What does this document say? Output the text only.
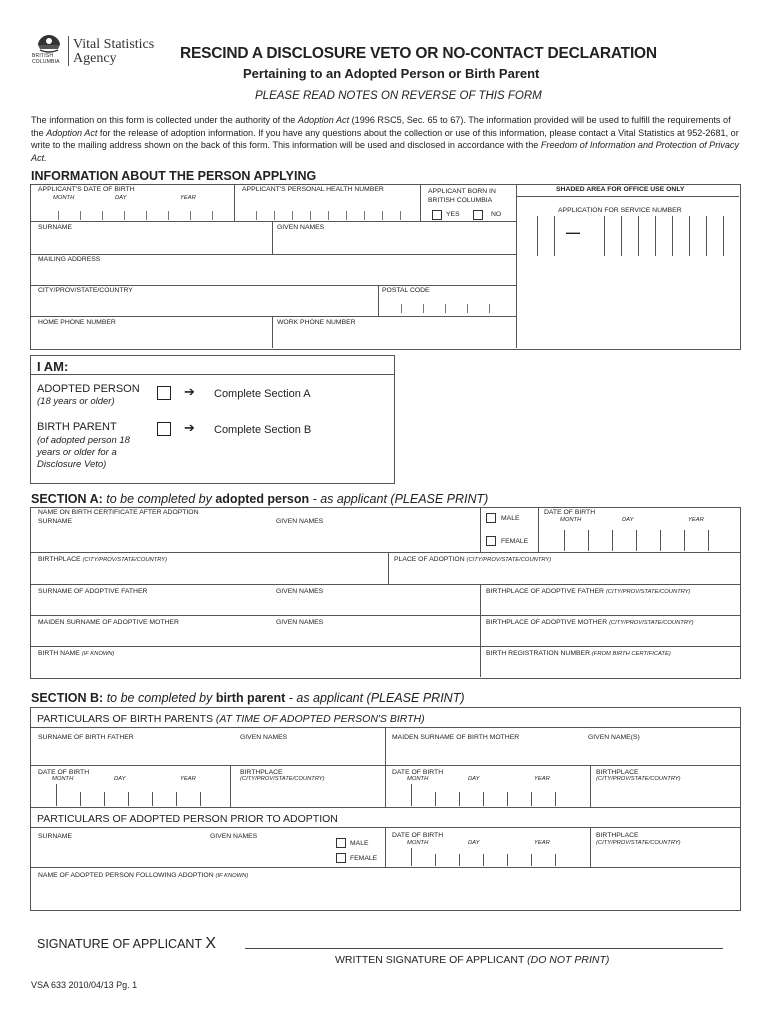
BRITISH
COLUMBIA
Vital Statistics
Agency	RESCIND A DISCLOSURE VETO OR NO-CONTACT DECLARATION
Pertaining to an Adopted Person or Birth Parent
PLEASE READ NOTES ON REVERSE OF THIS FORM
The information on this form is collected under the authority of the Adoption Act (1996 RSC5, Sec. 65 to 67). The information provided will be used to fulfill the requirements of the Adoption Act for the release of adoption information. If you have any questions about the collection or use of this information, please contact a Vital Statistics at 952-2681, or write to the mailing address shown on the back of this form. This information will be used and disclosed in accordance with the Freedom of Information and Protection of Privacy Act.
INFORMATION ABOUT THE PERSON APPLYING
APPLICANT'S DATE OF BIRTH
MONTH	DAY	YEAR
APPLICANT'S PERSONAL HEALTH NUMBER	APPLICANT BORN IN
BRITISH COLUMBIA
YES	NO
SHADED AREA FOR OFFICE USE ONLY
APPLICATION FOR SERVICE NUMBER
—
SURNAME	GIVEN NAMES
MAILING ADDRESS
CITY/PROV/STATE/COUNTRY	POSTAL CODE
HOME PHONE NUMBER	WORK PHONE NUMBER
I AM:
ADOPTED PERSON
(18 years or older)
➔ Complete Section A
BIRTH PARENT
(of adopted person 18
years or older for a
Disclosure Veto)
➔ Complete Section B
SECTION A: to be completed by adopted person - as applicant (PLEASE PRINT)
NAME ON BIRTH CERTIFICATE AFTER ADOPTION
SURNAME	GIVEN NAMES	MALE
FEMALE
DATE OF BIRTH
MONTH	DAY	YEAR
BIRTHPLACE (CITY/PROV/STATE/COUNTRY)	PLACE OF ADOPTION (CITY/PROV/STATE/COUNTRY)
SURNAME OF ADOPTIVE FATHER	GIVEN NAMES	BIRTHPLACE OF ADOPTIVE FATHER (CITY/PROV/STATE/COUNTRY)
MAIDEN SURNAME OF ADOPTIVE MOTHER	GIVEN NAMES	BIRTHPLACE OF ADOPTIVE MOTHER (CITY/PROV/STATE/COUNTRY)
BIRTH NAME (IF KNOWN)	BIRTH REGISTRATION NUMBER (FROM BIRTH CERTIFICATE)
SECTION B: to be completed by birth parent - as applicant (PLEASE PRINT)
PARTICULARS OF BIRTH PARENTS (AT TIME OF ADOPTED PERSON'S BIRTH)
SURNAME OF BIRTH FATHER	GIVEN NAMES	MAIDEN SURNAME OF BIRTH MOTHER	GIVEN NAME(S)
DATE OF BIRTH
MONTH	DAY	YEAR
BIRTHPLACE
(CITY/PROV/STATE/COUNTRY)
DATE OF BIRTH
MONTH	DAY	YEAR
BIRTHPLACE
(CITY/PROV/STATE/COUNTRY)
PARTICULARS OF ADOPTED PERSON PRIOR TO ADOPTION
SURNAME	GIVEN NAMES
MALE
FEMALE
DATE OF BIRTH
MONTH	DAY	YEAR
BIRTHPLACE
(CITY/PROV/STATE/COUNTRY)
NAME OF ADOPTED PERSON FOLLOWING ADOPTION (IF KNOWN)
SIGNATURE OF APPLICANT X
WRITTEN SIGNATURE OF APPLICANT (DO NOT PRINT)
VSA 633 2010/04/13 Pg. 1
